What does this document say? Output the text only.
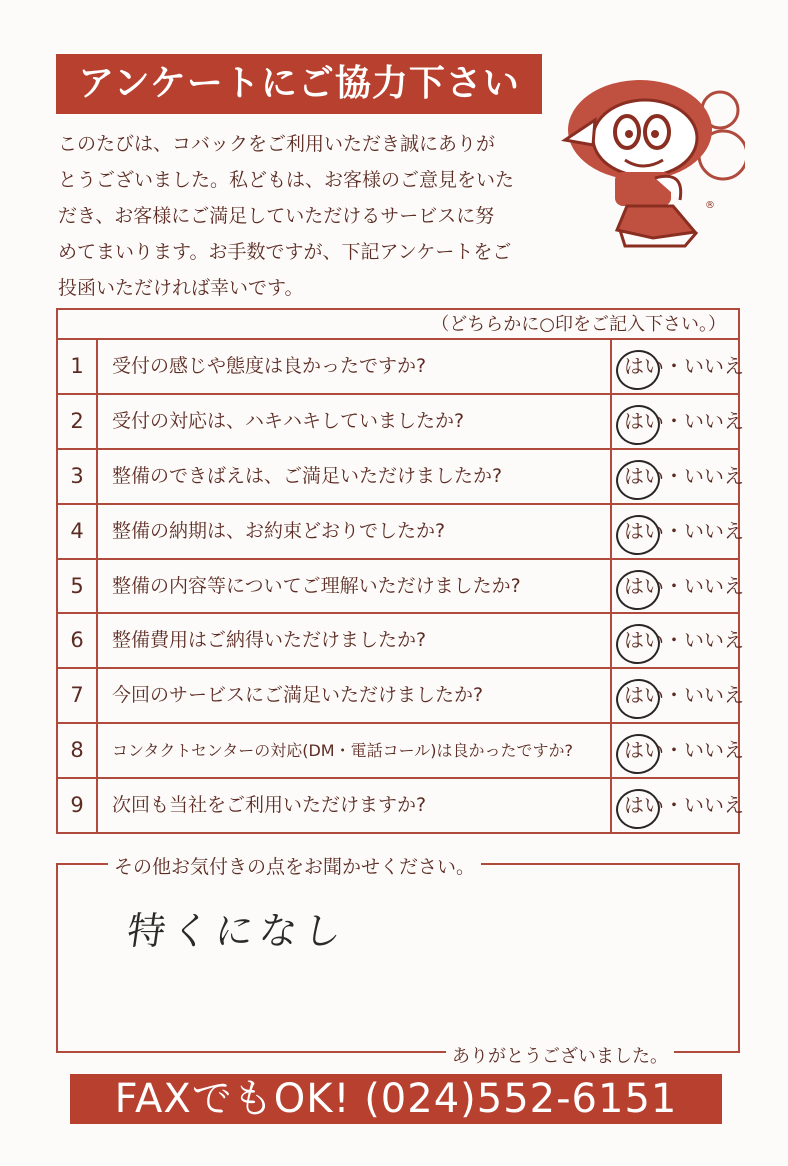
アンケートにご協力下さい

このたびは、コバックをご利用いただき誠にありが
とうございました。私どもは、お客様のご意見をいた
だき、お客様にご満足していただけるサービスに努
めてまいります。お手数ですが、下記アンケートをご
投函いただければ幸いです。

®
（どちらかに○印をご記入下さい。）
1	受付の感じや態度は良かったですか?	はい・いいえ
2	受付の対応は、ハキハキしていましたか?	はい・いいえ
3	整備のできばえは、ご満足いただけましたか?	はい・いいえ
4	整備の納期は、お約束どおりでしたか?	はい・いいえ
5	整備の内容等についてご理解いただけましたか?	はい・いいえ
6	整備費用はご納得いただけましたか?	はい・いいえ
7	今回のサービスにご満足いただけましたか?	はい・いいえ
8	コンタクトセンターの対応(DM・電話コール)は良かったですか?	はい・いいえ
9	次回も当社をご利用いただけますか?	はい・いいえ
その他お気付きの点をお聞かせください。
特くになし
ありがとうございました。
FAXでもOK! (024)552-6151
